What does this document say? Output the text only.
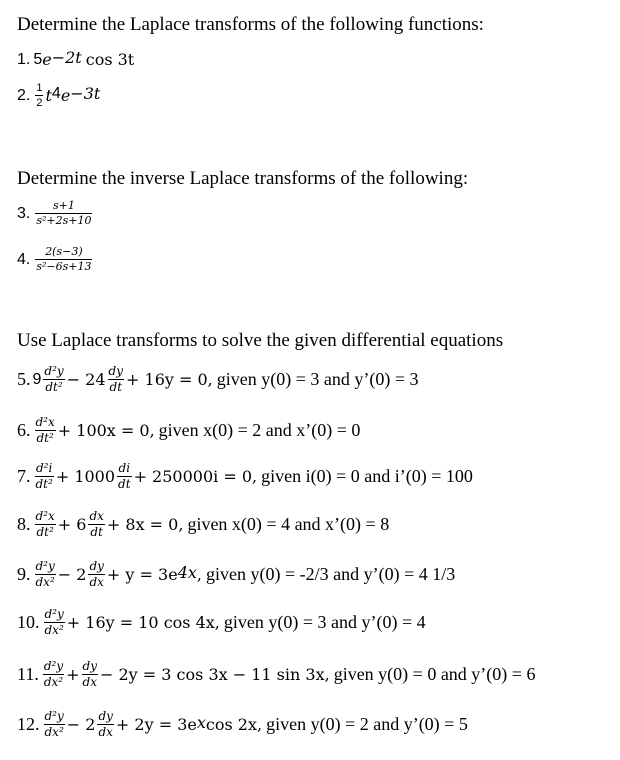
Determine the Laplace transforms of the following functions:
1. 5 $e^{-2t}$ cos 3t
2. $\frac{1}{2} t^4$ $e^{-3t}$
Determine the inverse Laplace transforms of the following:
3. $\frac{s+1}{\text{s²+2s+10}}$
4. $\frac{2(s-3)}{\text{s²−6s+13}}$
Use Laplace transforms to solve the given differential equations
5. $9 \frac{\text{d²y}}{\text{dt²}} - 24 \frac{dy}{dt} + 16y = 0$, given y(0) = 3 and y’(0) = 3
6. $\frac{\text{d²x}}{\text{dt²}} + 100x = 0$, given x(0) = 2 and x’(0) = 0
7. $\frac{\text{d²i}}{\text{dt²}} + 1000 \frac{di}{dt} + 250000i = 0$, given i(0) = 0 and i’(0) = 100
8. $\frac{\text{d²x}}{\text{dt²}} + 6 \frac{dx}{dt} + 8x = 0$, given x(0) = 4 and x’(0) = 8
9. $\frac{\text{d²y}}{\text{dx²}} - 2 \frac{dy}{dx} + y = 3e^{4x}$ , given y(0) = -2/3 and y’(0) = 4 1/3
10. $\frac{\text{d²y}}{\text{dx²}} + 16y = 10$ cos 4x, given y(0) = 3 and y’(0) = 4
11. $\frac{\text{d²y}}{\text{dx²}} + \frac{dy}{dx} - 2y = 3$ cos 3x − 11 sin 3x, given y(0) = 0 and y’(0) = 6
12. $\frac{\text{d²y}}{\text{dx²}} - 2 \frac{dy}{dx} + 2y = 3e^x$ cos 2x, given y(0) = 2 and y’(0) = 5
